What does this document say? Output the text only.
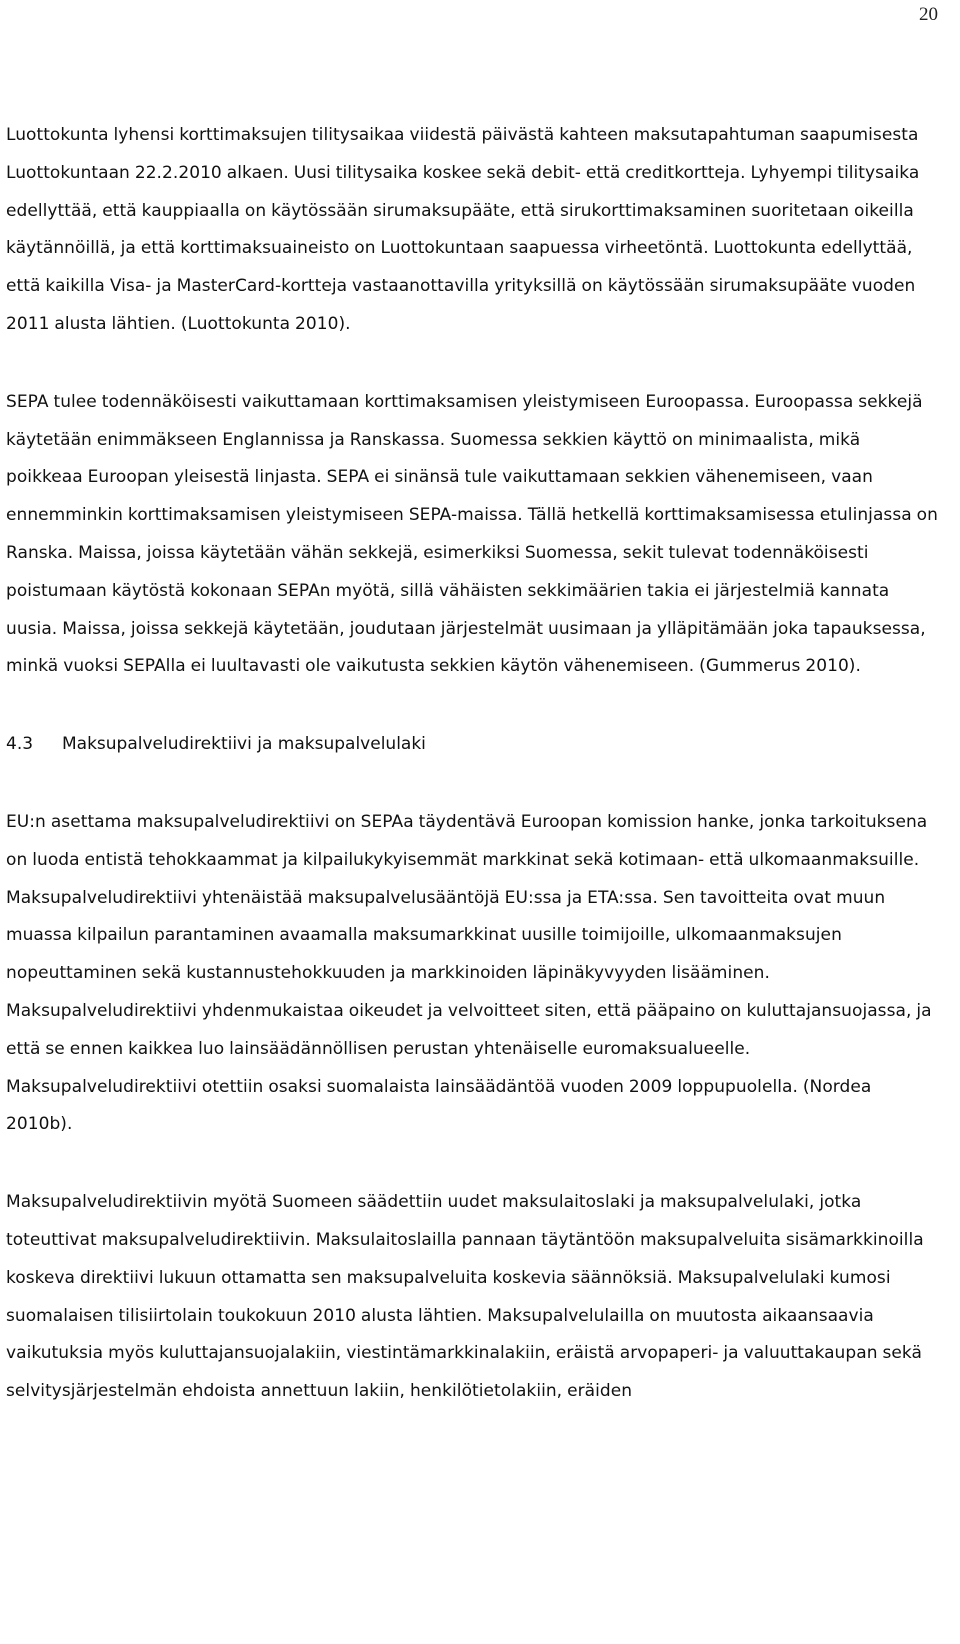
20

Luottokunta lyhensi korttimaksujen tilitysaikaa viidestä päivästä kahteen maksutapahtuman saapumisesta Luottokuntaan 22.2.2010 alkaen. Uusi tilitysaika koskee sekä debit- että creditkortteja. Lyhyempi tilitysaika edellyttää, että kauppiaalla on käytössään sirumaksupääte, että sirukorttimaksaminen suoritetaan oikeilla käytännöillä, ja että korttimaksuaineisto on Luottokuntaan saapuessa virheetöntä. Luottokunta edellyttää, että kaikilla Visa- ja MasterCard-kortteja vastaanottavilla yrityksillä on käytössään sirumaksupääte vuoden 2011 alusta lähtien. (Luottokunta 2010).

SEPA tulee todennäköisesti vaikuttamaan korttimaksamisen yleistymiseen Euroopassa. Euroopassa sekkejä käytetään enimmäkseen Englannissa ja Ranskassa. Suomessa sekkien käyttö on minimaalista, mikä poikkeaa Euroopan yleisestä linjasta. SEPA ei sinänsä tule vaikuttamaan sekkien vähenemiseen, vaan ennemminkin korttimaksamisen yleistymiseen SEPA-maissa. Tällä hetkellä korttimaksamisessa etulinjassa on Ranska. Maissa, joissa käytetään vähän sekkejä, esimerkiksi Suomessa, sekit tulevat todennäköisesti poistumaan käytöstä kokonaan SEPAn myötä, sillä vähäisten sekkimäärien takia ei järjestelmiä kannata uusia. Maissa, joissa sekkejä käytetään, joudutaan järjestelmät uusimaan ja ylläpitämään joka tapauksessa, minkä vuoksi SEPAlla ei luultavasti ole vaikutusta sekkien käytön vähenemiseen. (Gummerus 2010).

4.3 Maksupalveludirektiivi ja maksupalvelulaki

EU:n asettama maksupalveludirektiivi on SEPAa täydentävä Euroopan komission hanke, jonka tarkoituksena on luoda entistä tehokkaammat ja kilpailukykyisemmät markkinat sekä kotimaan- että ulkomaanmaksuille. Maksupalveludirektiivi yhtenäistää maksupalvelusääntöjä EU:ssa ja ETA:ssa. Sen tavoitteita ovat muun muassa kilpailun parantaminen avaamalla maksumarkkinat uusille toimijoille, ulkomaanmaksujen nopeuttaminen sekä kustannustehokkuuden ja markkinoiden läpinäkyvyyden lisääminen. Maksupalveludirektiivi yhdenmukaistaa oikeudet ja velvoitteet siten, että pääpaino on kuluttajansuojassa, ja että se ennen kaikkea luo lainsäädännöllisen perustan yhtenäiselle euromaksualueelle. Maksupalveludirektiivi otettiin osaksi suomalaista lainsäädäntöä vuoden 2009 loppupuolella. (Nordea 2010b).

Maksupalveludirektiivin myötä Suomeen säädettiin uudet maksulaitoslaki ja maksupalvelulaki, jotka toteuttivat maksupalveludirektiivin. Maksulaitoslailla pannaan täytäntöön maksupalveluita sisämarkkinoilla koskeva direktiivi lukuun ottamatta sen maksupalveluita koskevia säännöksiä. Maksupalvelulaki kumosi suomalaisen tilisiirtolain toukokuun 2010 alusta lähtien. Maksupalvelulailla on muutosta aikaansaavia vaikutuksia myös kuluttajansuojalakiin, viestintämarkkinalakiin, eräistä arvopaperi- ja valuuttakaupan sekä selvitysjärjestelmän ehdoista annettuun lakiin, henkilötietolakiin, eräiden
